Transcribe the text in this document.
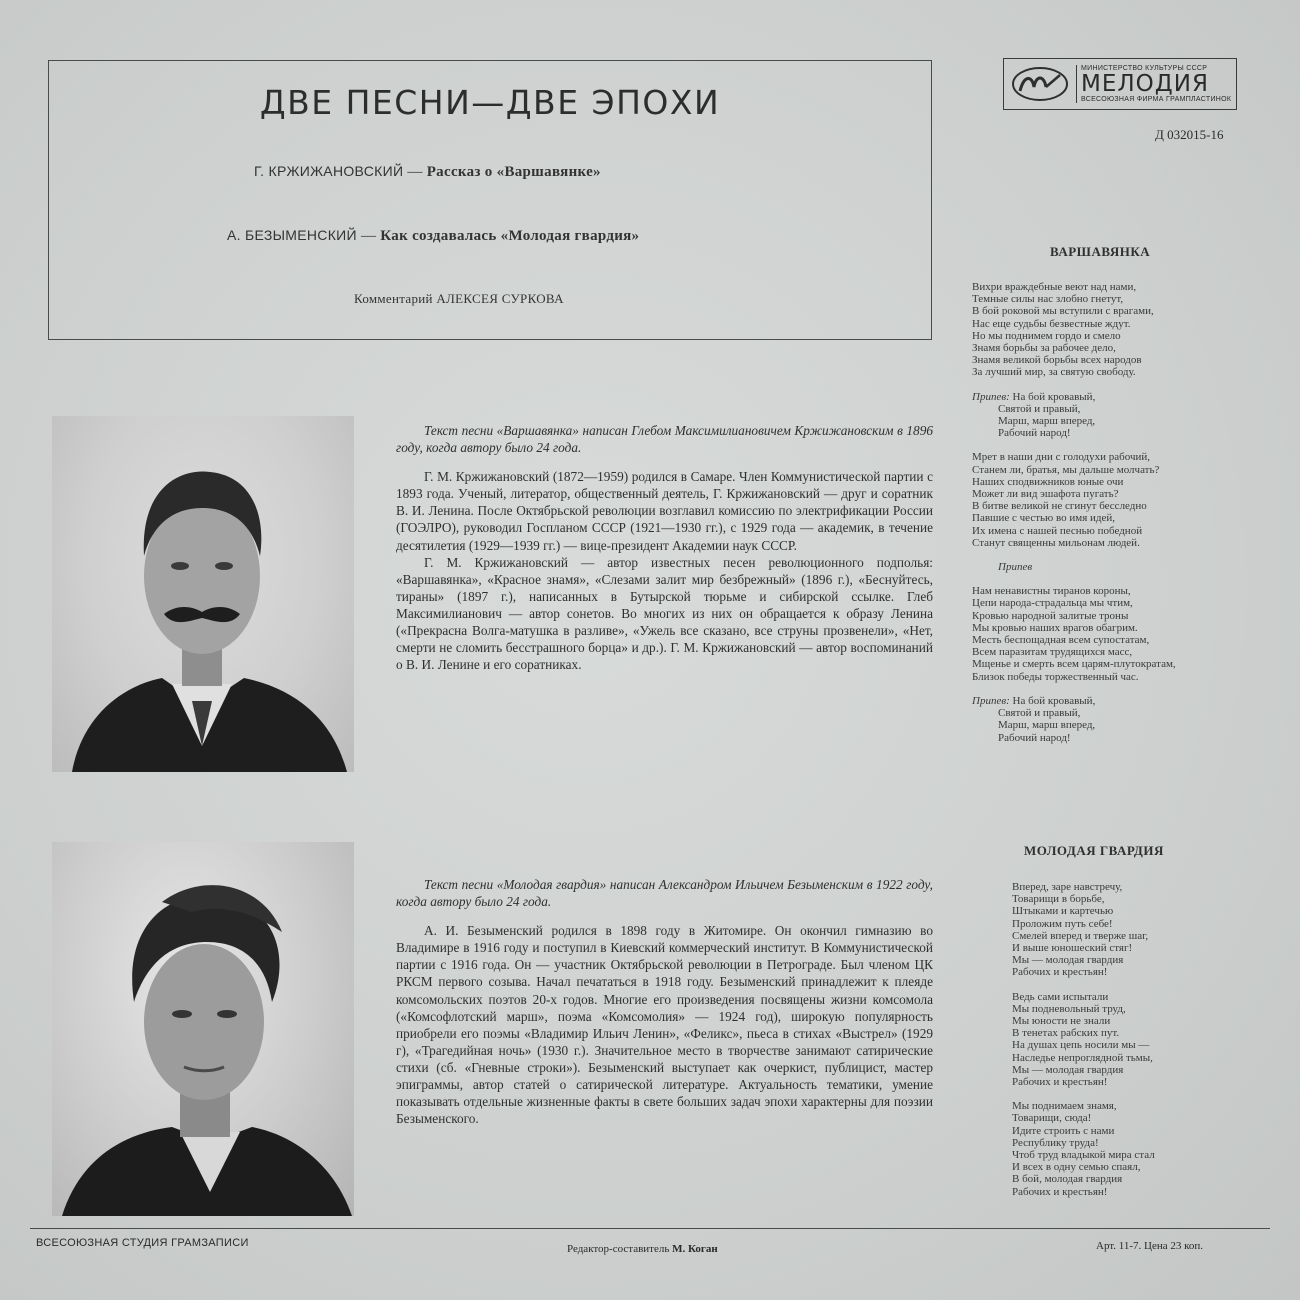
ДВЕ ПЕСНИ—ДВЕ ЭПОХИ
Г. КРЖИЖАНОВСКИЙ — Рассказ о «Варшавянке»
А. БЕЗЫМЕНСКИЙ — Как создавалась «Молодая гвардия»
Комментарий АЛЕКСЕЯ СУРКОВА
МИНИСТЕРСТВО КУЛЬТУРЫ СССР
МЕЛОДИЯ
ВСЕСОЮЗНАЯ ФИРМА ГРАМПЛАСТИНОК
Д 032015-16

Текст песни «Варшавянка» написан Глебом Максимилиановичем Кржижановским в 1896 году, когда автору было 24 года.

Г. М. Кржижановский (1872—1959) родился в Самаре. Член Коммунистической партии с 1893 года. Ученый, литератор, общественный деятель, Г. Кржижановский — друг и соратник В. И. Ленина. После Октябрьской революции возглавил комиссию по электрификации России (ГОЭЛРО), руководил Госпланом СССР (1921—1930 гг.), с 1929 года — академик, в течение десятилетия (1929—1939 гг.) — вице-президент Академии наук СССР.

Г. М. Кржижановский — автор известных песен революционного подполья: «Варшавянка», «Красное знамя», «Слезами залит мир безбрежный» (1896 г.), «Беснуйтесь, тираны» (1897 г.), написанных в Бутырской тюрьме и сибирской ссылке. Глеб Максимилианович — автор сонетов. Во многих из них он обращается к образу Ленина («Прекрасна Волга-матушка в разливе», «Ужель все сказано, все струны прозвенели», «Нет, смерти не сломить бесстрашного борца» и др.). Г. М. Кржижановский — автор воспоминаний о В. И. Ленине и его соратниках.

Текст песни «Молодая гвардия» написан Александром Ильичем Безыменским в 1922 году, когда автору было 24 года.

А. И. Безыменский родился в 1898 году в Житомире. Он окончил гимназию во Владимире в 1916 году и поступил в Киевский коммерческий институт. В Коммунистической партии с 1916 года. Он — участник Октябрьской революции в Петрограде. Был членом ЦК РКСМ первого созыва. Начал печататься в 1918 году. Безыменский принадлежит к плеяде комсомольских поэтов 20-х годов. Многие его произведения посвящены жизни комсомола («Комсофлотский марш», поэма «Комсомолия» — 1924 год), широкую популярность приобрели его поэмы «Владимир Ильич Ленин», «Феликс», пьеса в стихах «Выстрел» (1929 г), «Трагедийная ночь» (1930 г.). Значительное место в творчестве занимают сатирические стихи (сб. «Гневные строки»). Безыменский выступает как очеркист, публицист, мастер эпиграммы, автор статей о сатирической литературе. Актуальность тематики, умение показывать отдельные жизненные факты в свете больших задач эпохи характерны для поэзии Безыменского.

ВАРШАВЯНКА
Вихри враждебные веют над нами,
Темные силы нас злобно гнетут,
В бой роковой мы вступили с врагами,
Нас еще судьбы безвестные ждут.
Но мы поднимем гордо и смело
Знамя борьбы за рабочее дело,
Знамя великой борьбы всех народов
За лучший мир, за святую свободу.
Припев: На бой кровавый,
Святой и правый,
Марш, марш вперед,
Рабочий народ!
Мрет в наши дни с голодухи рабочий,
Станем ли, братья, мы дальше молчать?
Наших сподвижников юные очи
Может ли вид эшафота пугать?
В битве великой не сгинут бесследно
Павшие с честью во имя идей,
Их имена с нашей песнью победной
Станут священны мильонам людей.
Припев
Нам ненавистны тиранов короны,
Цепи народа-страдальца мы чтим,
Кровью народной залитые троны
Мы кровью наших врагов обагрим.
Месть беспощадная всем супостатам,
Всем паразитам трудящихся масс,
Мщенье и смерть всем царям-плутократам,
Близок победы торжественный час.
Припев: На бой кровавый,
Святой и правый,
Марш, марш вперед,
Рабочий народ!
МОЛОДАЯ ГВАРДИЯ
Вперед, заре навстречу,
Товарищи в борьбе,
Штыками и картечью
Проложим путь себе!
Смелей вперед и тверже шаг,
И выше юношеский стяг!
Мы — молодая гвардия
Рабочих и крестьян!
Ведь сами испытали
Мы подневольный труд,
Мы юности не знали
В тенетах рабских пут.
На душах цепь носили мы —
Наследье непроглядной тьмы,
Мы — молодая гвардия
Рабочих и крестьян!
Мы поднимаем знамя,
Товарищи, сюда!
Идите строить с нами
Республику труда!
Чтоб труд владыкой мира стал
И всех в одну семью спаял,
В бой, молодая гвардия
Рабочих и крестьян!
ВСЕСОЮЗНАЯ СТУДИЯ ГРАМЗАПИСИ	Редактор-составитель М. Коган	Арт. 11-7. Цена 23 коп.
